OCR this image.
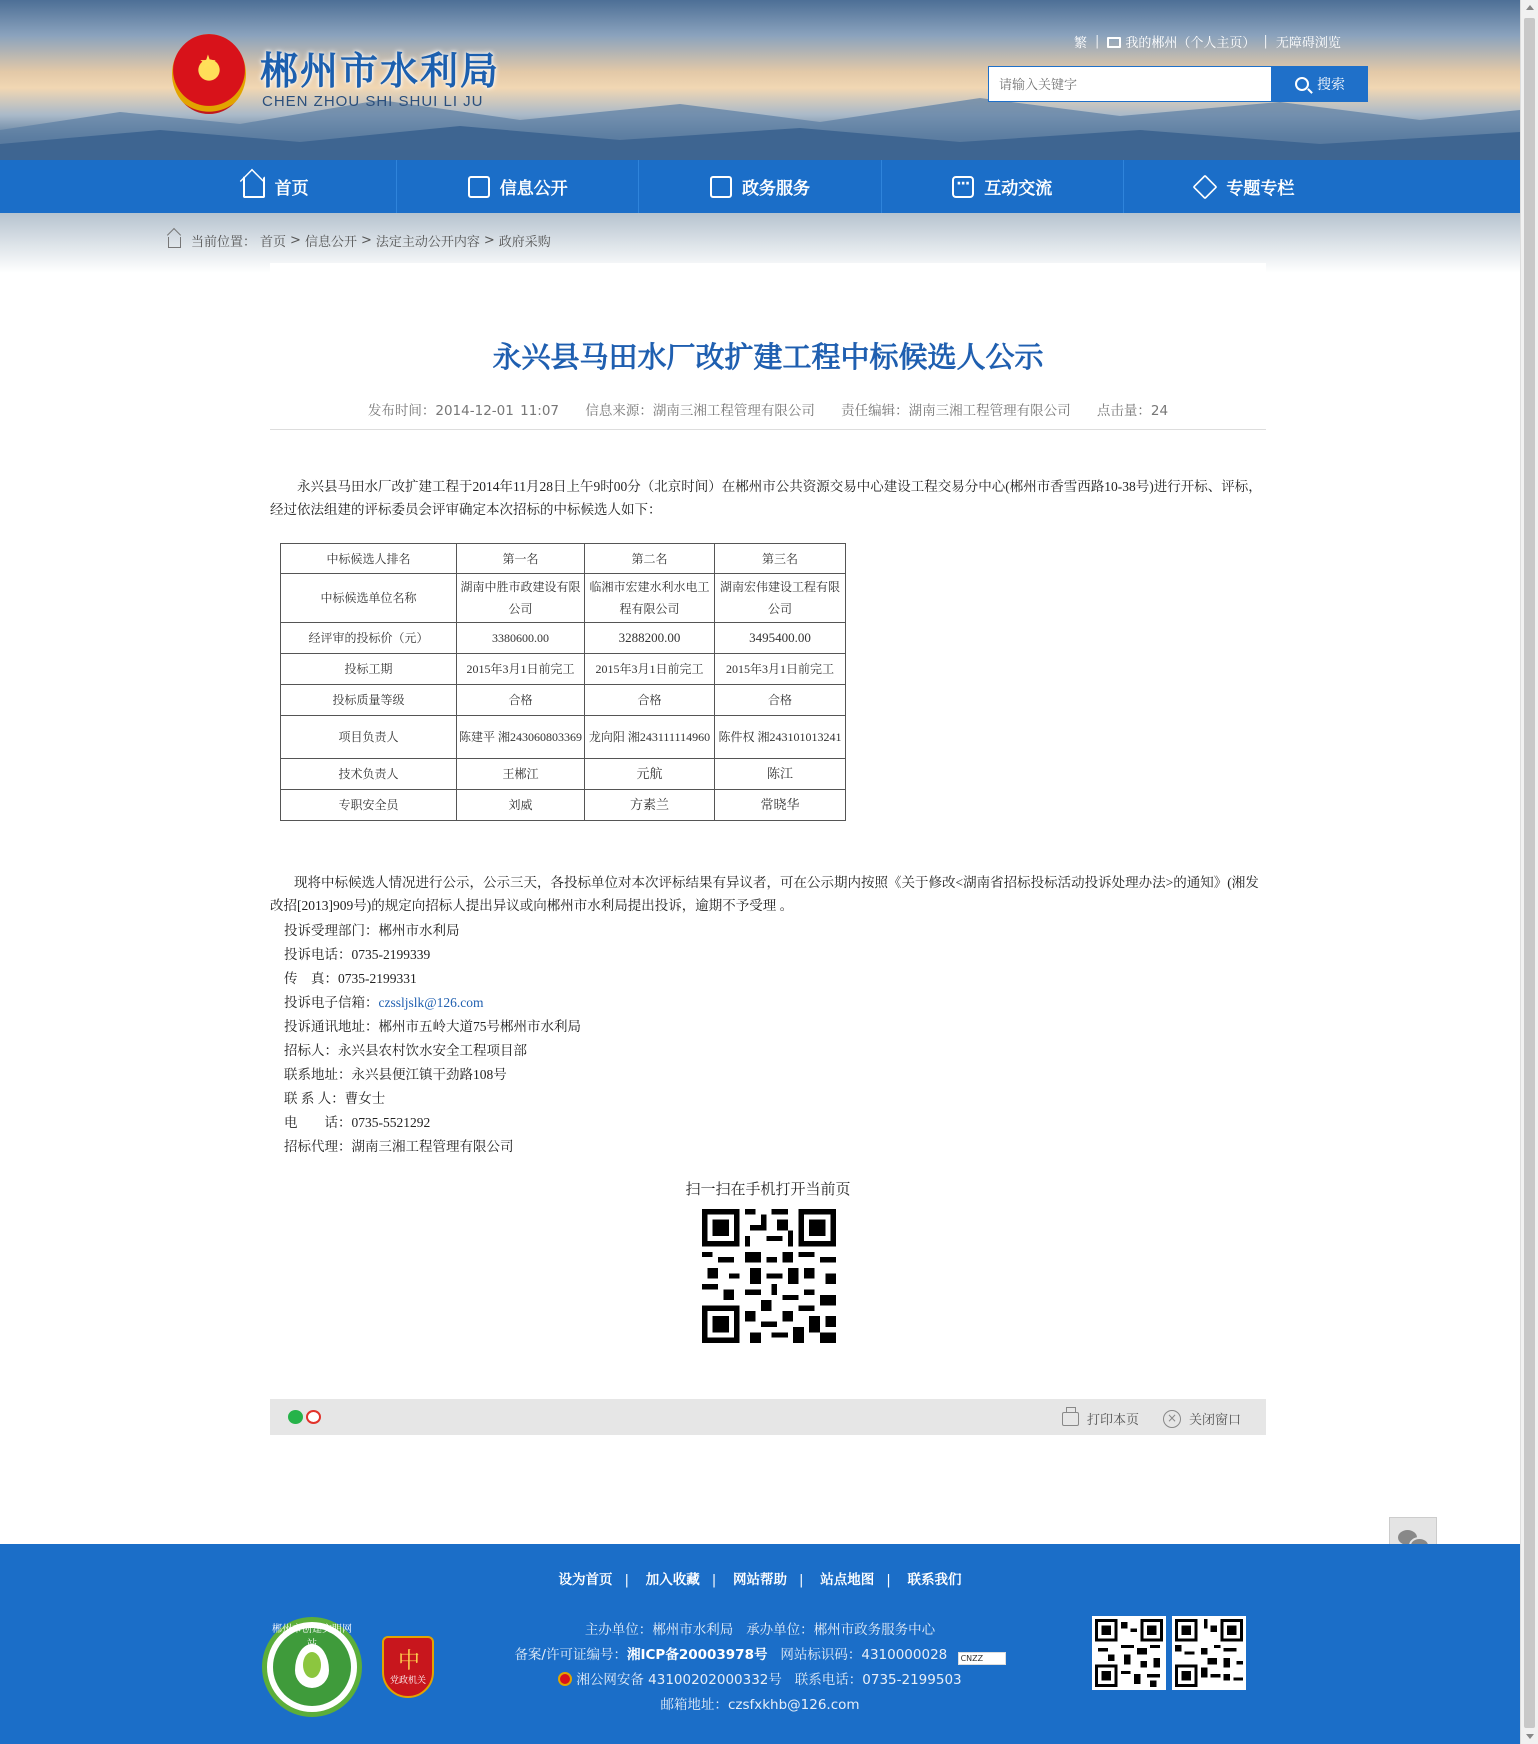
★ 郴州市水利局
CHEN ZHOU SHI SHUI LI JU
繁 |	我的郴州（个人主页） | 无障碍浏览
请输入关键字
搜索
首页	信息公开	政务服务 ···	互动交流	专题专栏
当前位置： 首页 > 信息公开 > 法定主动公开内容 > 政府采购
永兴县马田水厂改扩建工程中标候选人公示
发布时间：2014-12-01 11:07 信息来源：湖南三湘工程管理有限公司 责任编辑：湖南三湘工程管理有限公司 点击量：24

永兴县马田水厂改扩建工程于2014年11月28日上午9时00分（北京时间）在郴州市公共资源交易中心建设工程交易分中心(郴州市香雪西路10-38号)进行开标、评标，经过依法组建的评标委员会评审确定本次招标的中标候选人如下：

中标候选人排名	第一名	第二名	第三名
中标候选单位名称	湖南中胜市政建设有限公司	临湘市宏建水利水电工程有限公司	湖南宏伟建设工程有限公司
经评审的投标价（元）	3380600.00	3288200.00	3495400.00
投标工期	2015年3月1日前完工	2015年3月1日前完工	2015年3月1日前完工
投标质量等级	合格	合格	合格
项目负责人	陈建平 湘243060803369	龙向阳 湘243111114960	陈件权 湘243101013241
技术负责人	王郴江	元航	陈江
专职安全员	刘威	方素兰	常晓华

现将中标候选人情况进行公示，公示三天，各投标单位对本次评标结果有异议者，可在公示期内按照《关于修改<湖南省招标投标活动投诉处理办法>的通知》(湘发改招[2013]909号)的规定向招标人提出异议或向郴州市水利局提出投诉，逾期不予受理 。

投诉受理部门：郴州市水利局
投诉电话：0735-2199339
传　真：0735-2199331
投诉电子信箱：czssljslk@126.com
投诉通讯地址：郴州市五岭大道75号郴州市水利局
招标人：永兴县农村饮水安全工程项目部
联系地址：永兴县便江镇干劲路108号
联 系 人：曹女士
电　　话：0735-5521292
招标代理：湖南三湘工程管理有限公司
扫一扫在手机打开当前页
打印本页	× 关闭窗口
设为首页 | 加入收藏 | 网站帮助 | 站点地图 | 联系我们
郴州市创建文明网站
中
党政机关
主办单位：郴州市水利局 承办单位：郴州市政务服务中心
备案/许可证编号：湘ICP备20003978号 网站标识码：4310000028 CNZZ
湘公网安备 43100202000332号 联系电话：0735-2199503
邮箱地址：czsfxkhb@126.com
